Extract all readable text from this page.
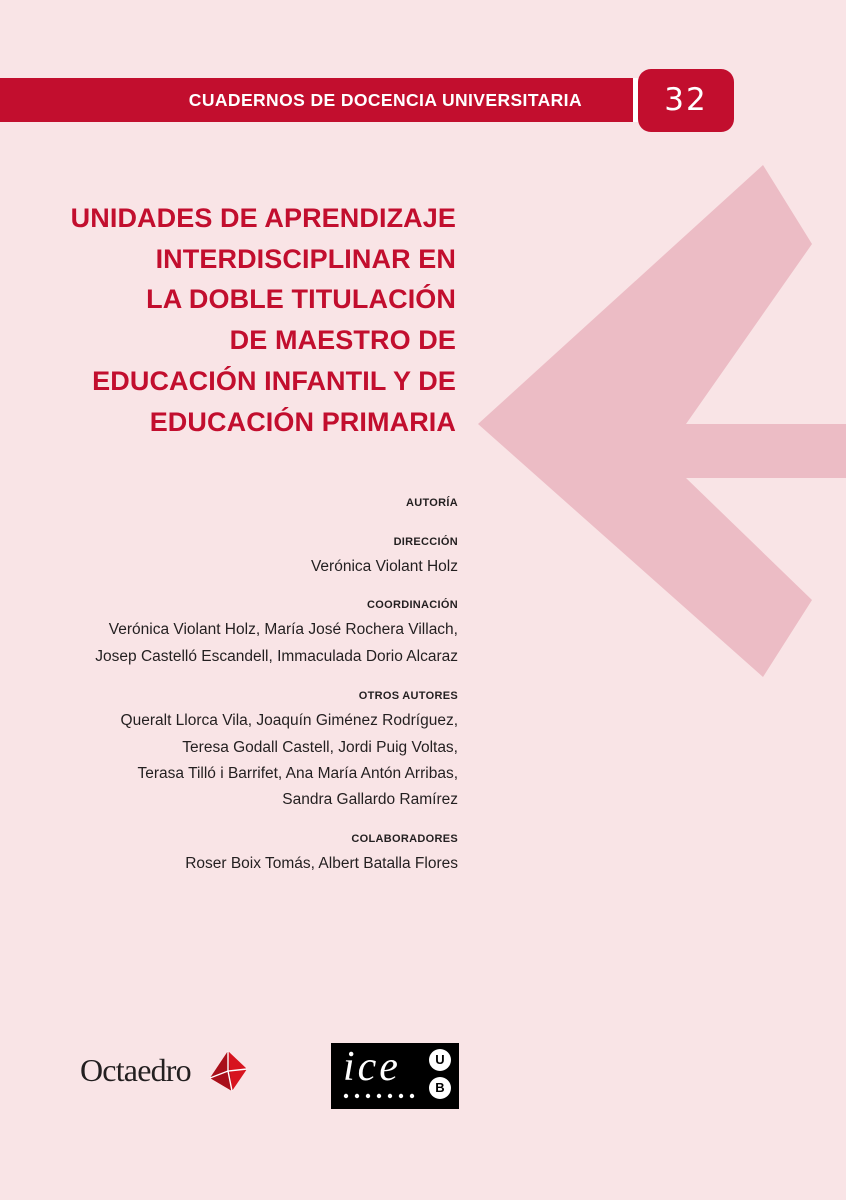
CUADERNOS DE DOCENCIA UNIVERSITARIA	32
UNIDADES DE APRENDIZAJE
INTERDISCIPLINAR EN
LA DOBLE TITULACIÓN
DE MAESTRO DE
EDUCACIÓN INFANTIL Y DE
EDUCACIÓN PRIMARIA
AUTORÍA
DIRECCIÓN
Verónica Violant Holz
COORDINACIÓN
Verónica Violant Holz, María José Rochera Villach,
Josep Castelló Escandell, Immaculada Dorio Alcaraz
OTROS AUTORES
Queralt Llorca Vila, Joaquín Giménez Rodríguez,
Teresa Godall Castell, Jordi Puig Voltas,
Terasa Tilló i Barrifet, Ana María Antón Arribas,
Sandra Gallardo Ramírez
COLABORADORES
Roser Boix Tomás, Albert Batalla Flores
Octaedro	ice	U
B
